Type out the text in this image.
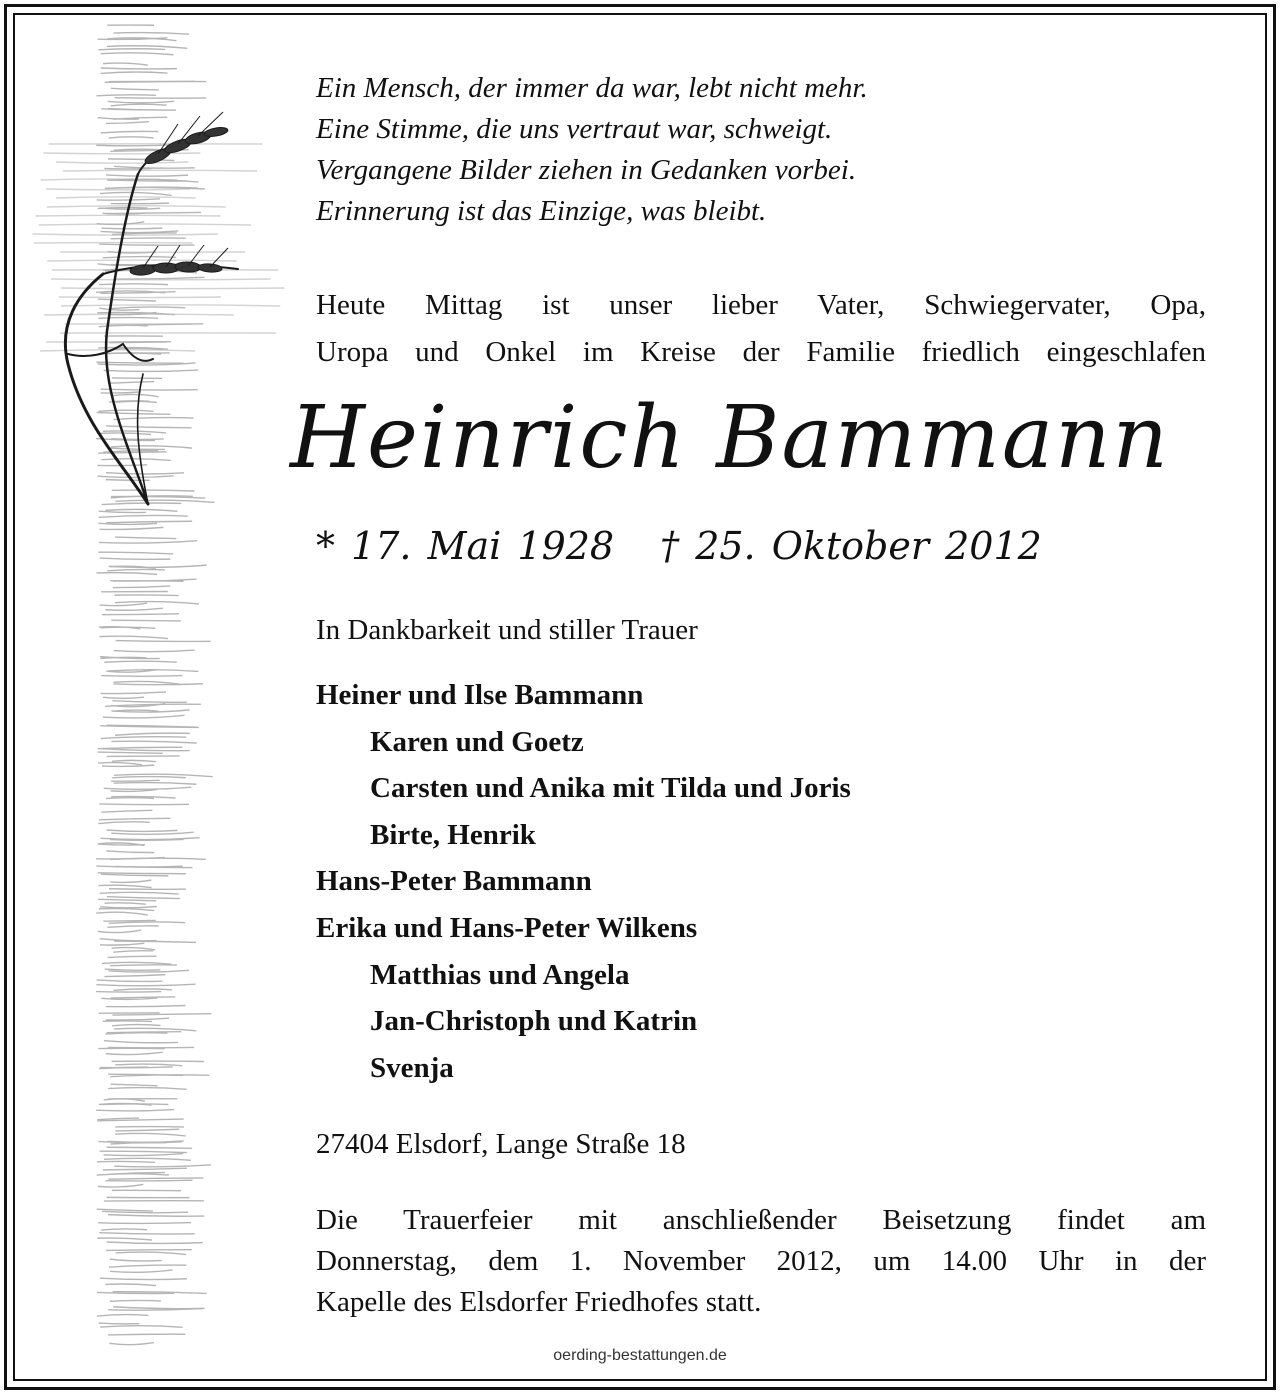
Ein Mensch, der immer da war, lebt nicht mehr.
Eine Stimme, die uns vertraut war, schweigt.
Vergangene Bilder ziehen in Gedanken vorbei.
Erinnerung ist das Einzige, was bleibt.
Heute Mittag ist unser lieber Vater, Schwiegervater, Opa,
Uropa und Onkel im Kreise der Familie friedlich eingeschlafen
Heinrich Bammann
* 17. Mai 1928 † 25. Oktober 2012
In Dankbarkeit und stiller Trauer
Heiner und Ilse Bammann
Karen und Goetz
Carsten und Anika mit Tilda und Joris
Birte, Henrik
Hans-Peter Bammann
Erika und Hans-Peter Wilkens
Matthias und Angela
Jan-Christoph und Katrin
Svenja
27404 Elsdorf, Lange Straße 18
Die Trauerfeier mit anschließender Beisetzung findet am
Donnerstag, dem 1. November 2012, um 14.00 Uhr in der
Kapelle des Elsdorfer Friedhofes statt.
oerding-bestattungen.de
